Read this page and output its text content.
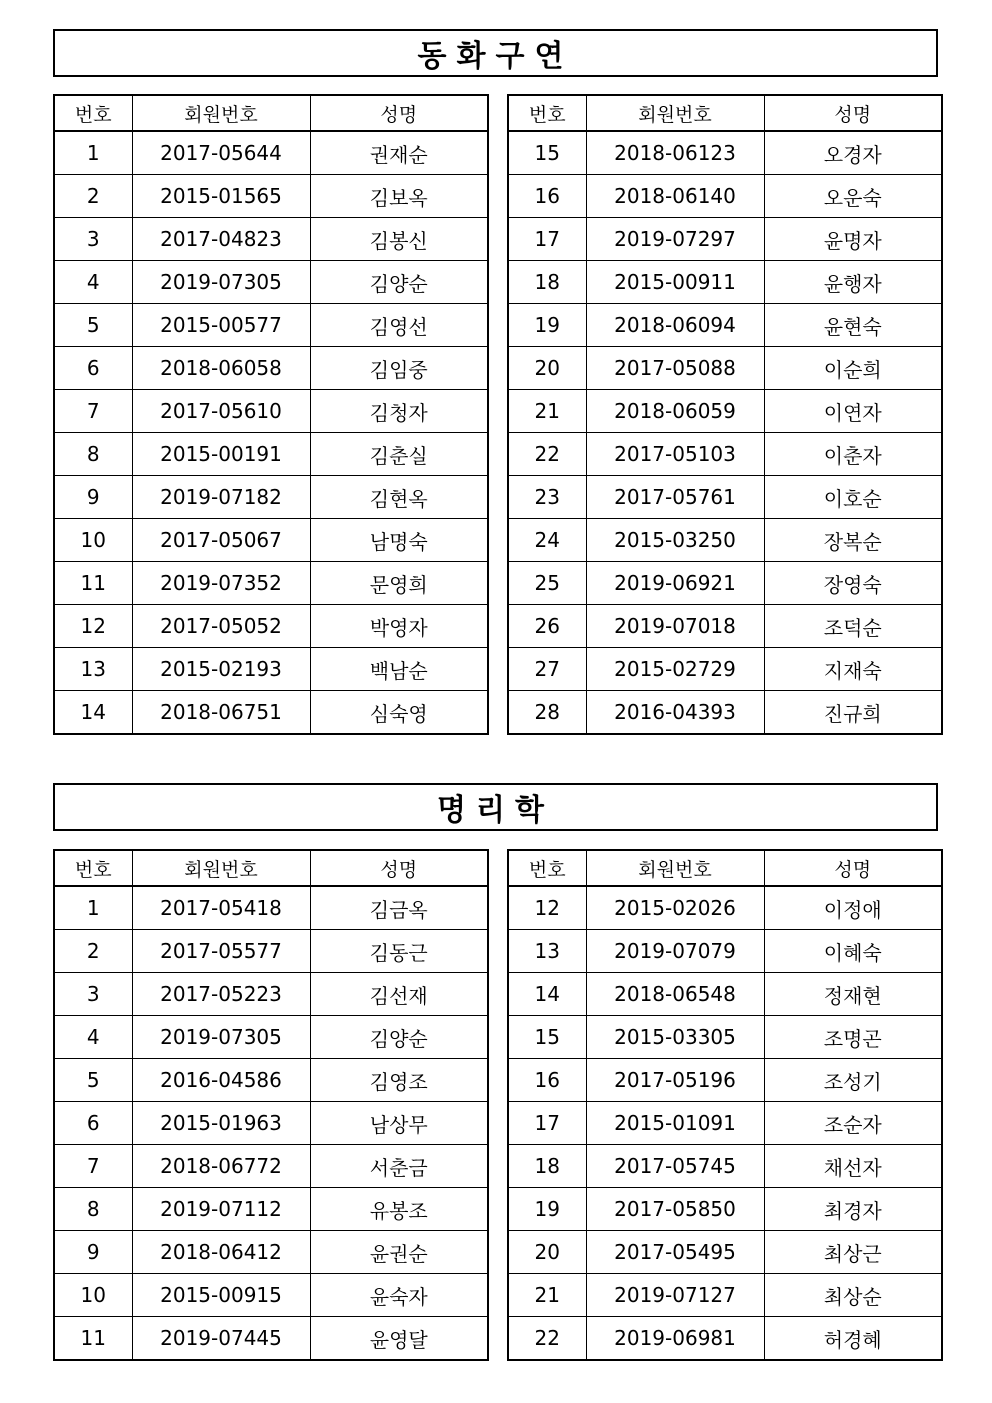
동화구연
번호	회원번호	성명
1	2017-05644	권재순
2	2015-01565	김보옥
3	2017-04823	김봉신
4	2019-07305	김양순
5	2015-00577	김영선
6	2018-06058	김임중
7	2017-05610	김청자
8	2015-00191	김춘실
9	2019-07182	김현옥
10	2017-05067	남명숙
11	2019-07352	문영희
12	2017-05052	박영자
13	2015-02193	백남순
14	2018-06751	심숙영
번호	회원번호	성명
15	2018-06123	오경자
16	2018-06140	오운숙
17	2019-07297	윤명자
18	2015-00911	윤행자
19	2018-06094	윤현숙
20	2017-05088	이순희
21	2018-06059	이연자
22	2017-05103	이춘자
23	2017-05761	이호순
24	2015-03250	장복순
25	2019-06921	장영숙
26	2019-07018	조덕순
27	2015-02729	지재숙
28	2016-04393	진규희
명리학
번호	회원번호	성명
1	2017-05418	김금옥
2	2017-05577	김동근
3	2017-05223	김선재
4	2019-07305	김양순
5	2016-04586	김영조
6	2015-01963	남상무
7	2018-06772	서춘금
8	2019-07112	유봉조
9	2018-06412	윤권순
10	2015-00915	윤숙자
11	2019-07445	윤영달
번호	회원번호	성명
12	2015-02026	이정애
13	2019-07079	이혜숙
14	2018-06548	정재현
15	2015-03305	조명곤
16	2017-05196	조성기
17	2015-01091	조순자
18	2017-05745	채선자
19	2017-05850	최경자
20	2017-05495	최상근
21	2019-07127	최상순
22	2019-06981	허경혜
